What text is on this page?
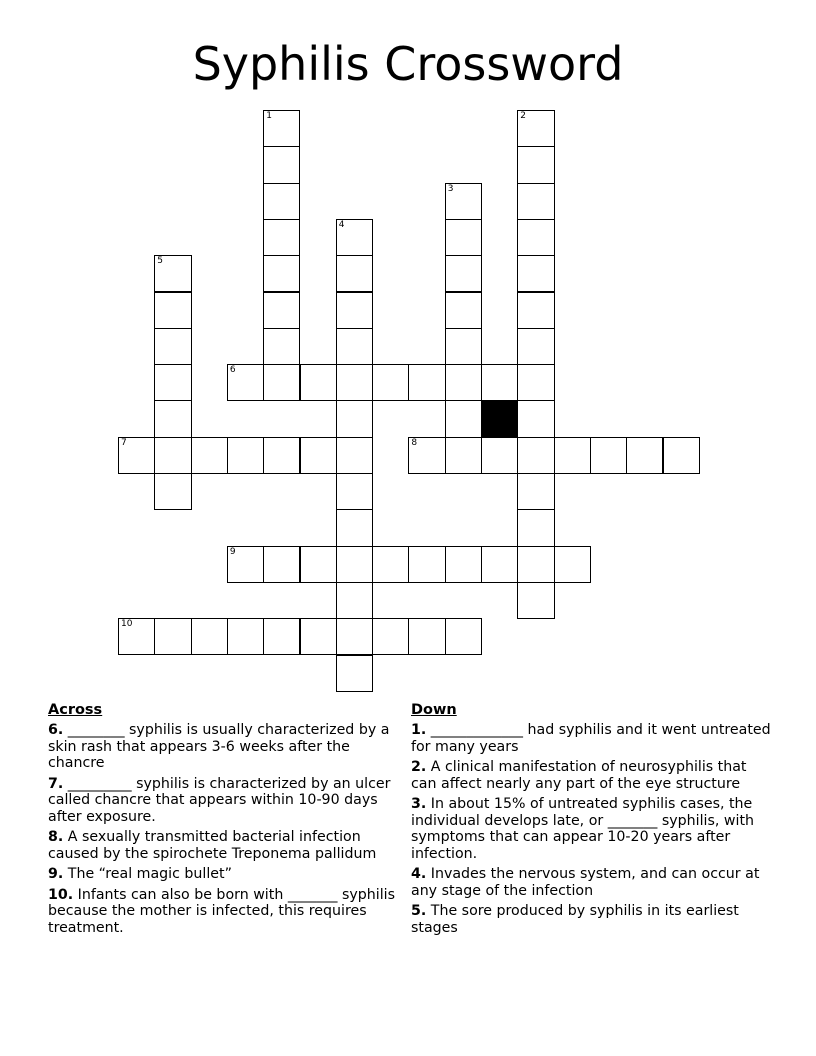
Syphilis Crossword
1	2
3
4
5
6
7	8
9
10
Across
6. ________ syphilis is usually characterized by a skin rash that appears 3-6 weeks after the chancre
7. _________ syphilis is characterized by an ulcer called chancre that appears within 10-90 days after exposure.
8. A sexually transmitted bacterial infection caused by the spirochete Treponema pallidum
9. The “real magic bullet”
10. Infants can also be born with _______ syphilis because the mother is infected, this requires treatment.
Down
1. _____________ had syphilis and it went untreated for many years
2. A clinical manifestation of neurosyphilis that can affect nearly any part of the eye structure
3. In about 15% of untreated syphilis cases, the individual develops late, or _______ syphilis, with symptoms that can appear 10-20 years after infection.
4. Invades the nervous system, and can occur at any stage of the infection
5. The sore produced by syphilis in its earliest stages
